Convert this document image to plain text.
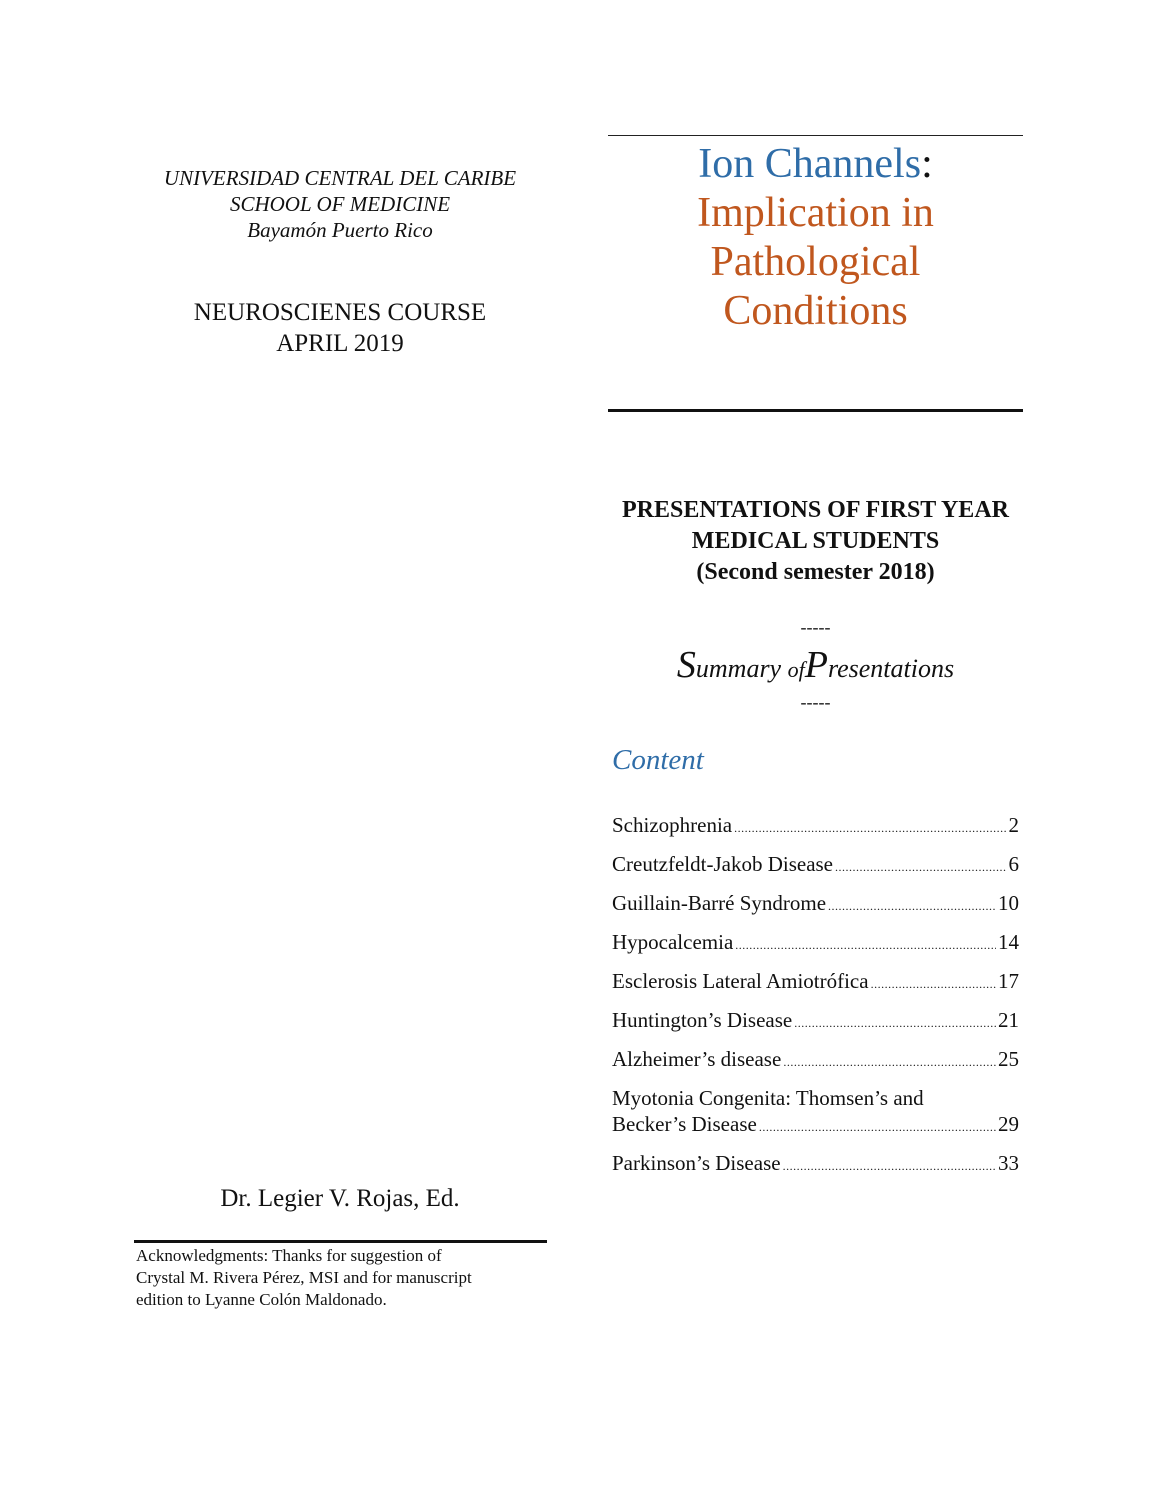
UNIVERSIDAD CENTRAL DEL CARIBE
SCHOOL OF MEDICINE
Bayamón Puerto Rico
NEUROSCIENES COURSE
APRIL 2019
Dr. Legier V. Rojas, Ed.
Acknowledgments: Thanks for suggestion of
Crystal M. Rivera Pérez, MSI and for manuscript
edition to Lyanne Colón Maldonado.
Ion Channels:
Implication in
Pathological
Conditions
PRESENTATIONS OF FIRST YEAR
MEDICAL STUDENTS
(Second semester 2018)
-----
Summary ofPresentations
-----
Content
Schizophrenia .....	2
Creutzfeldt-Jakob Disease .....	6
Guillain-Barré Syndrome .....	10
Hypocalcemia .....	14
Esclerosis Lateral Amiotrófica .....	17
Huntington’s Disease .....	21
Alzheimer’s disease .....	25
Myotonia Congenita: Thomsen’s and
Becker’s Disease .....	29
Parkinson’s Disease .....	33
